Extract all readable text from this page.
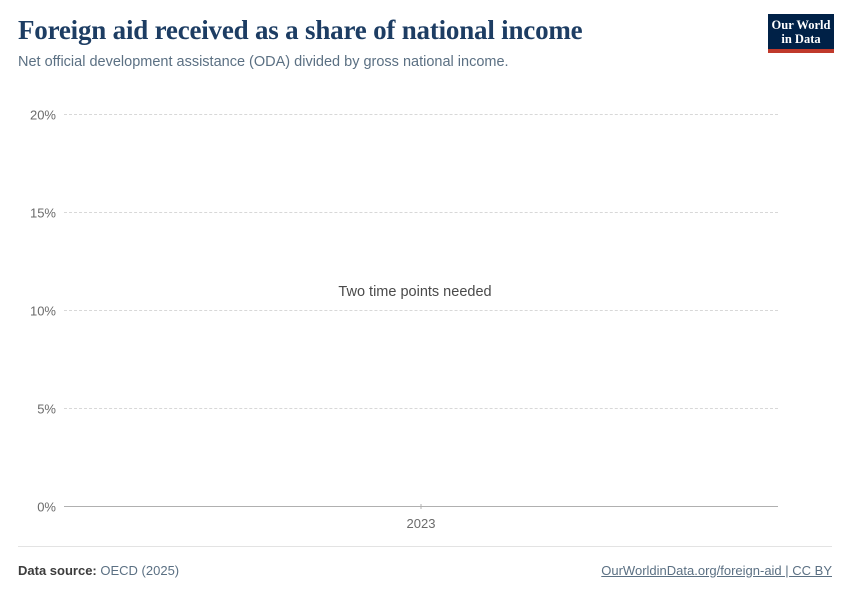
Foreign aid received as a share of national income
Net official development assistance (ODA) divided by gross national income.
Our World
in Data
20%
15%
10%
5%
0%
Two time points needed
2023
Data source: OECD (2025)	OurWorldinData.org/foreign-aid | CC BY
